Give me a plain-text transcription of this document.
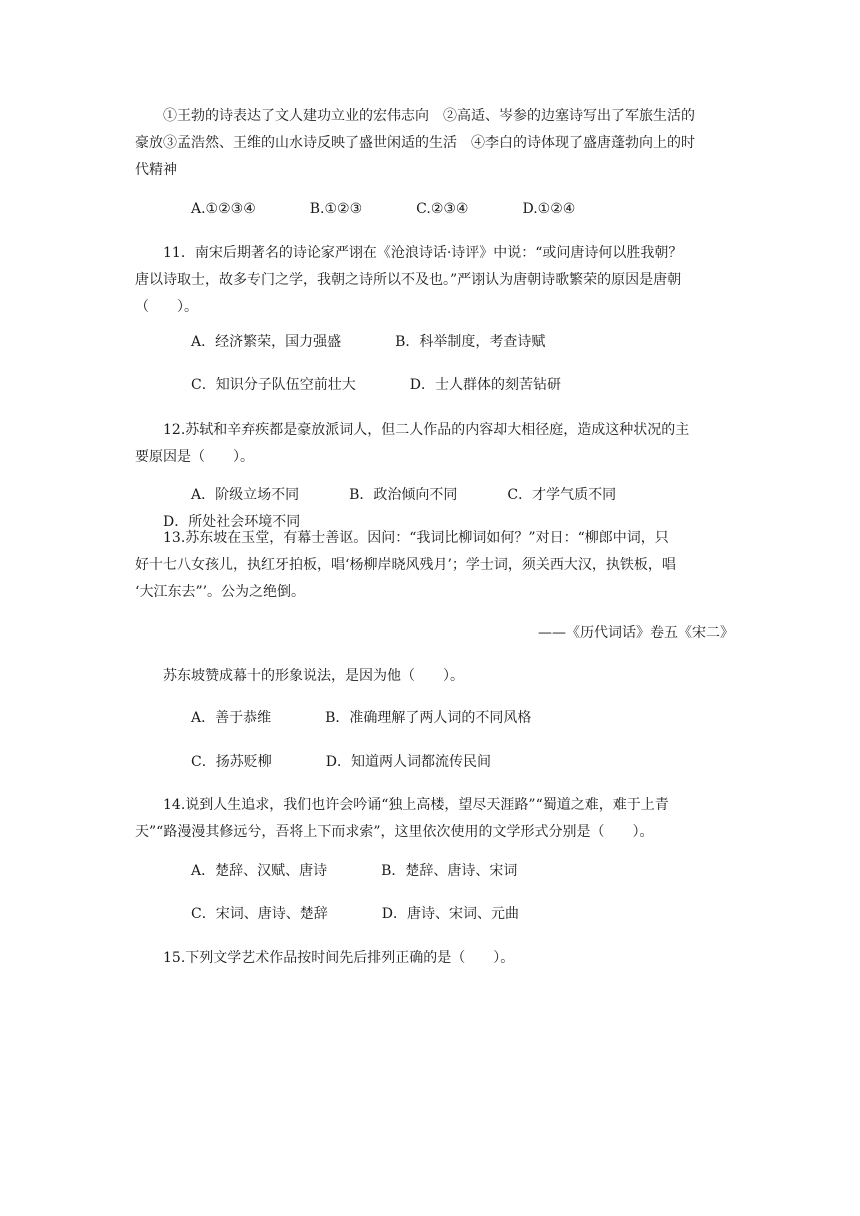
①王勃的诗表达了文人建功立业的宏伟志向　②高适、岑参的边塞诗写出了军旅生活的
豪放③孟浩然、王维的山水诗反映了盛世闲适的生活　④李白的诗体现了盛唐蓬勃向上的时
代精神
A.①②③④	B.①②③	C.②③④	D.①②④
11．南宋后期著名的诗论家严诩在《沧浪诗话·诗评》中说：“或问唐诗何以胜我朝？
唐以诗取士，故多专门之学，我朝之诗所以不及也。”严诩认为唐朝诗歌繁荣的原因是唐朝
（　　）。
A．经济繁荣，国力强盛	B．科举制度，考查诗赋
C．知识分子队伍空前壮大	D．士人群体的刻苦钻研
12.苏轼和辛弃疾都是豪放派词人，但二人作品的内容却大相径庭，造成这种状况的主
要原因是（　　）。
A．阶级立场不同	B．政治倾向不同	C．才学气质不同D．所处社会环境不同
13.苏东坡在玉堂，有幕士善讴。因问：“我词比柳词如何？”对日：“柳郎中词，只
好十七八女孩儿，执红牙拍板，唱‘杨柳岸晓风残月’；学士词，须关西大汉，执铁板，唱
‘大江东去”’。公为之绝倒。
——《历代词话》卷五《宋二》
苏东坡赞成幕十的形象说法，是因为他（　　）。
A．善于恭维	B．准确理解了两人词的不同风格
C．扬苏贬柳	D．知道两人词都流传民间
14.说到人生追求，我们也许会吟诵“独上高楼，望尽天涯路”“蜀道之难，难于上青
天”“路漫漫其修远兮，吾将上下而求索”，这里依次使用的文学形式分别是（　　）。
A．楚辞、汉赋、唐诗	B．楚辞、唐诗、宋词
C．宋词、唐诗、楚辞	D．唐诗、宋词、元曲
15.下列文学艺术作品按时间先后排列正确的是（　　）。
